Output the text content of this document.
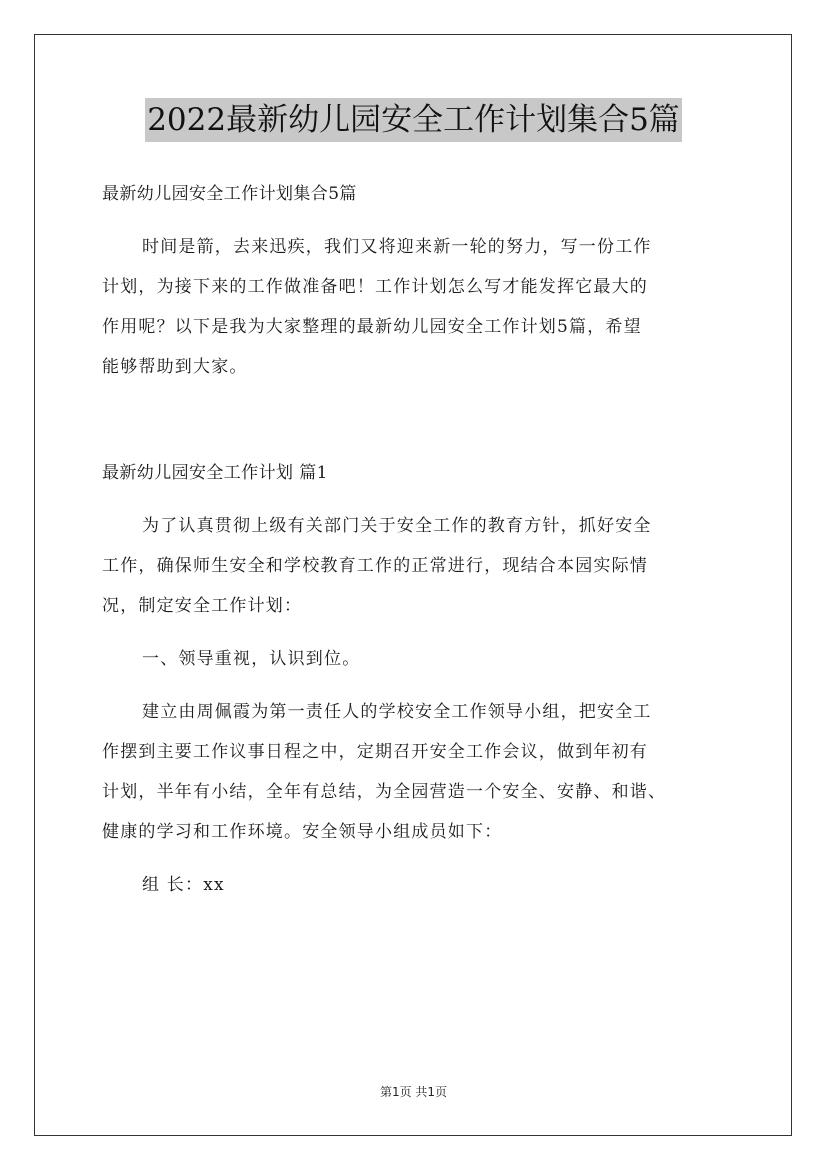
2022最新幼儿园安全工作计划集合5篇
最新幼儿园安全工作计划集合5篇
时间是箭，去来迅疾，我们又将迎来新一轮的努力，写一份工作
计划，为接下来的工作做准备吧！工作计划怎么写才能发挥它最大的
作用呢？以下是我为大家整理的最新幼儿园安全工作计划5篇，希望
能够帮助到大家。
最新幼儿园安全工作计划 篇1
为了认真贯彻上级有关部门关于安全工作的教育方针，抓好安全
工作，确保师生安全和学校教育工作的正常进行，现结合本园实际情
况，制定安全工作计划：
一、领导重视，认识到位。
建立由周佩霞为第一责任人的学校安全工作领导小组，把安全工
作摆到主要工作议事日程之中，定期召开安全工作会议，做到年初有
计划，半年有小结，全年有总结，为全园营造一个安全、安静、和谐、
健康的学习和工作环境。安全领导小组成员如下：
组 长：xx
第1页 共1页
